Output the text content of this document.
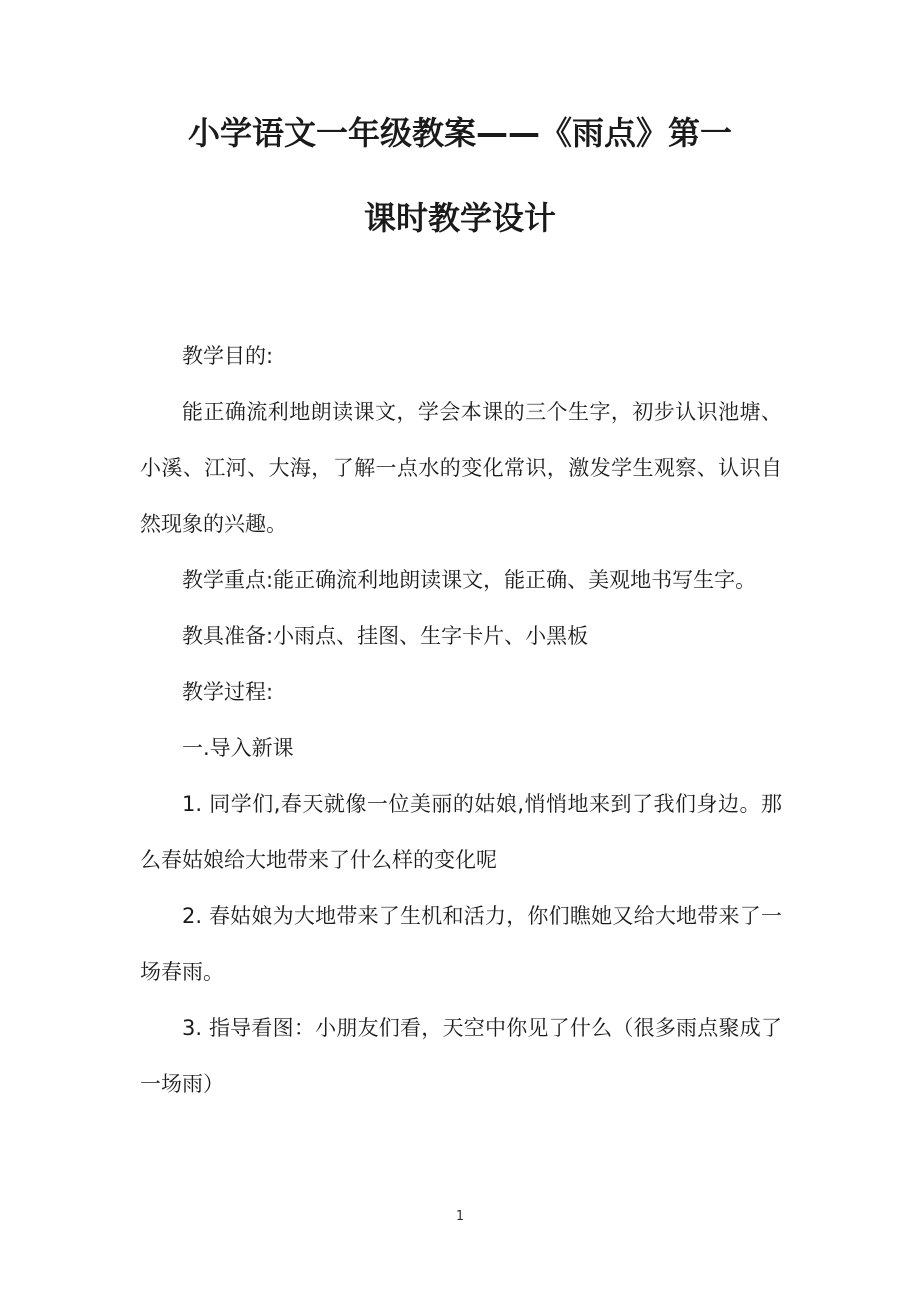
小学语文一年级教案——《雨点》第一
课时教学设计

教学目的:

能正确流利地朗读课文，学会本课的三个生字，初步认识池塘、小溪、江河、大海，了解一点水的变化常识，激发学生观察、认识自然现象的兴趣。

教学重点:能正确流利地朗读课文，能正确、美观地书写生字。

教具准备:小雨点、挂图、生字卡片、小黑板

教学过程:

一.导入新课

1. 同学们,春天就像一位美丽的姑娘,悄悄地来到了我们身边。那么春姑娘给大地带来了什么样的变化呢

2. 春姑娘为大地带来了生机和活力，你们瞧她又给大地带来了一场春雨。

3. 指导看图：小朋友们看，天空中你见了什么（很多雨点聚成了一场雨）

1
